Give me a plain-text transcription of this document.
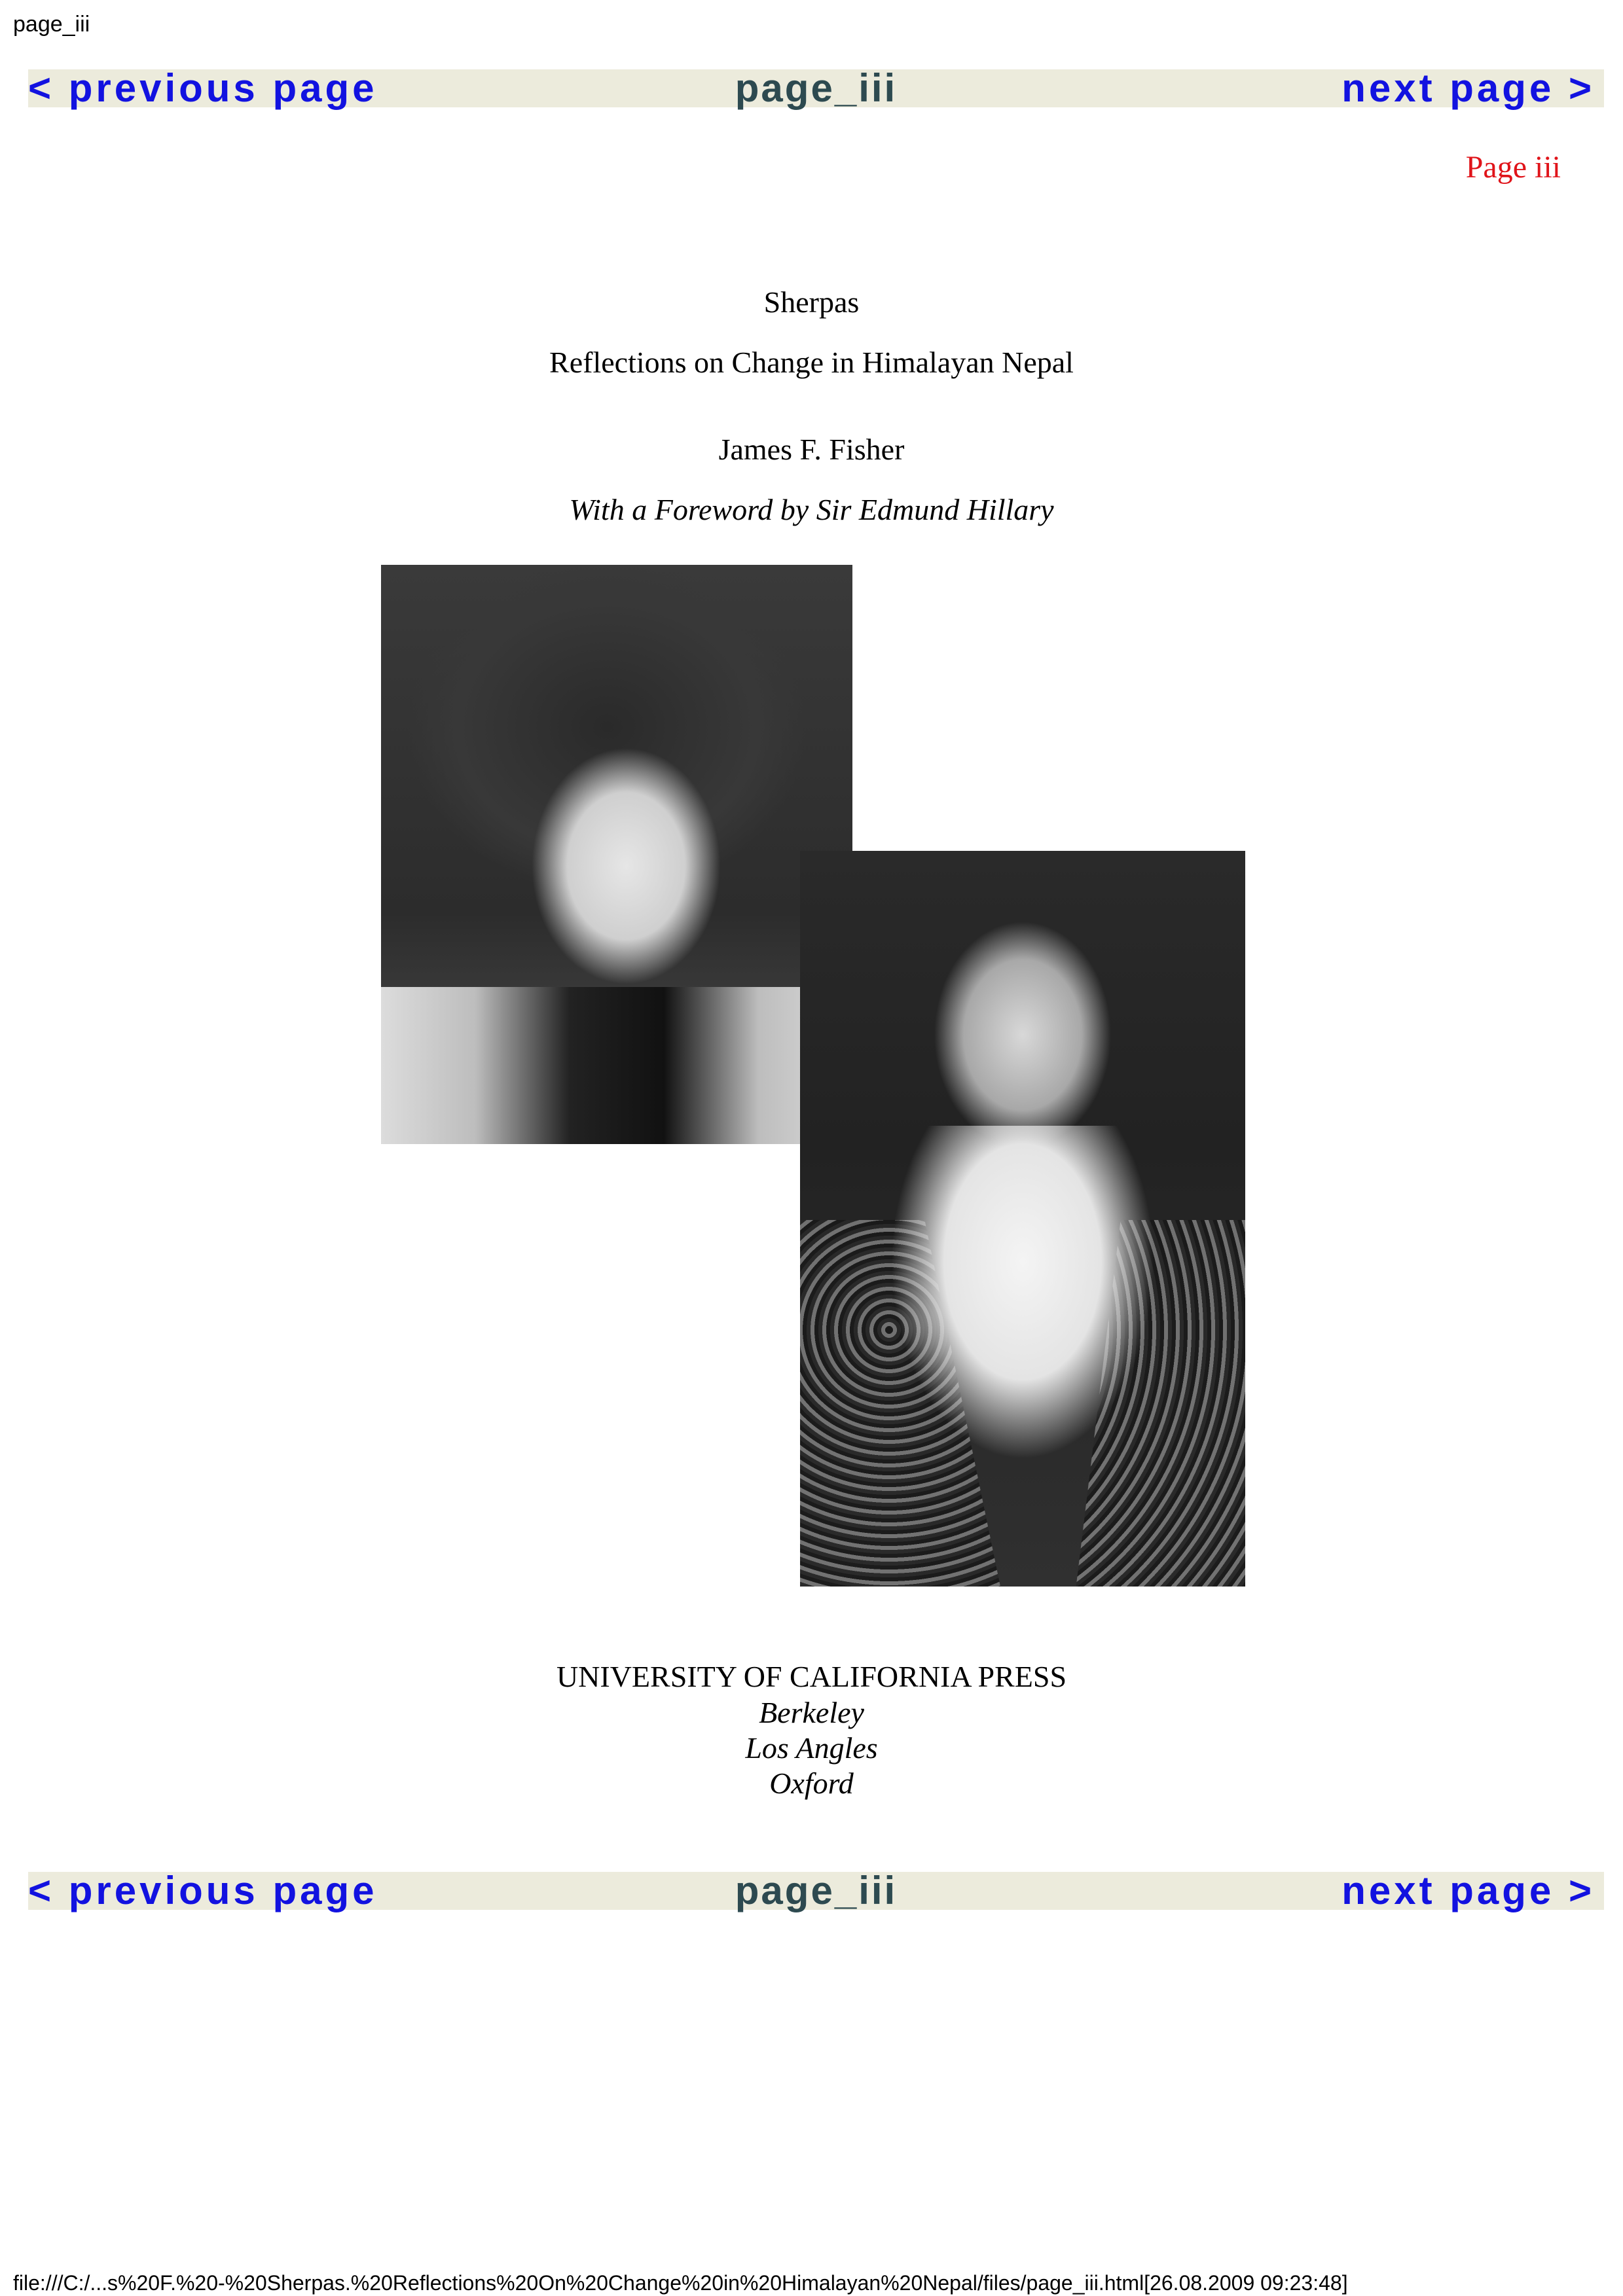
page_iii
< previous page	page_iii	next page >
Page iii
Sherpas
Reflections on Change in Himalayan Nepal
James F. Fisher
With a Foreword by Sir Edmund Hillary
UNIVERSITY OF CALIFORNIA PRESS
Berkeley
Los Angles
Oxford
< previous page	page_iii	next page >
file:///C:/...s%20F.%20-%20Sherpas.%20Reflections%20On%20Change%20in%20Himalayan%20Nepal/files/page_iii.html[26.08.2009 09:23:48]
